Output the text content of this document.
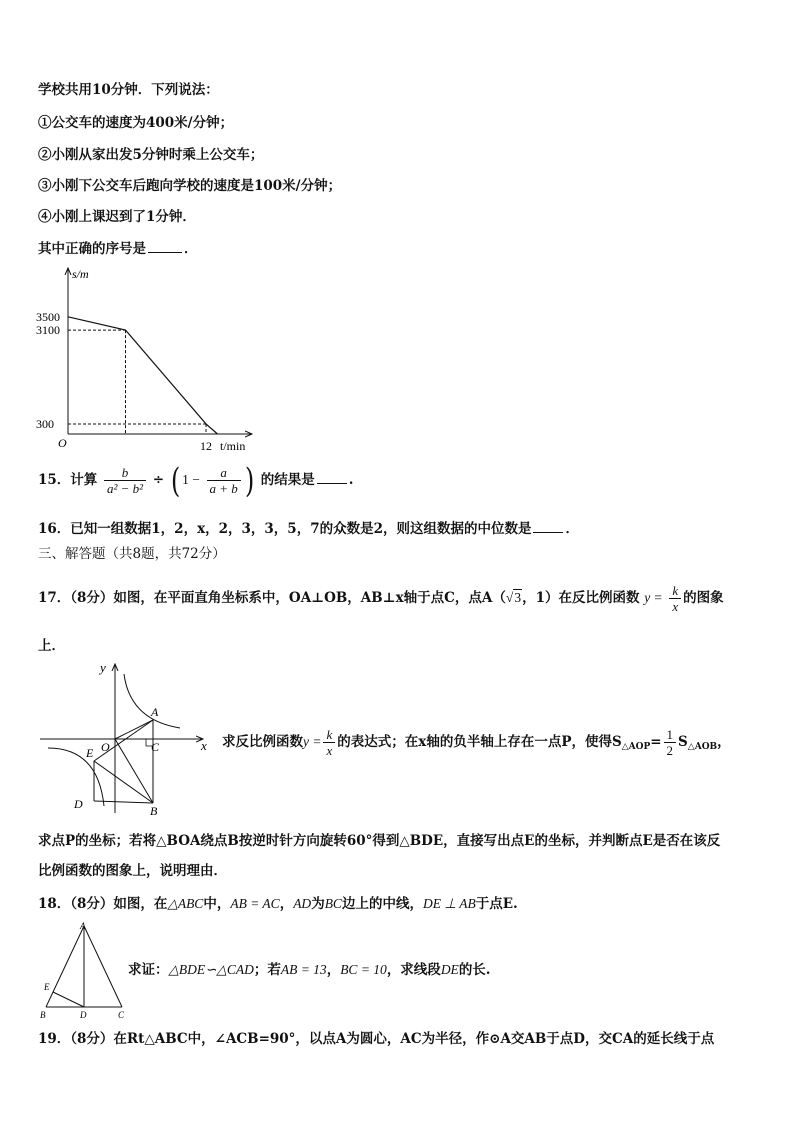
学校共用10分钟．下列说法：
①公交车的速度为400米/分钟；
②小刚从家出发5分钟时乘上公交车；
③小刚下公交车后跑向学校的速度是100米/分钟；
④小刚上课迟到了1分钟．
其中正确的序号是	．
3500
3100
300
12
s/m
t/min
O
15．计算 $\frac{b}{\text{a² − b²}}$ ÷ ( $1 - \frac{a}{a + b}$ ) 的结果是	.
16．已知一组数据1，2，x，2，3，3，5，7的众数是2，则这组数据的中位数是	．
三、解答题（共8题，共72分）
17．（8分）如图，在平面直角坐标系中，OA⊥OB，AB⊥x轴于点C，点A（√3，1）在反比例函数 $y = \frac{k}{x}$ 的图象
上．
y
x
A
O	C
E
D	B
求反比例函数$y = \frac{k}{x}$ 的表达式；在x轴的负半轴上存在一点P，使得$S_{\triangle AOP}= \frac{1}{2} S_{\triangle AOB}$，
求点P的坐标；若将△BOA绕点B按逆时针方向旋转60°得到△BDE，直接写出点E的坐标，并判断点E是否在该反
比例函数的图象上，说明理由．
18．（8分）如图，在△ABC中，AB = AC，AD为BC边上的中线，DE ⊥ AB于点E.
A
E
B	D	C
求证：△BDE∽△CAD；若AB = 13，BC = 10，求线段DE的长.
19．（8分）在Rt△ABC中，∠ACB=90°，以点A为圆心，AC为半径，作⊙A交AB于点D，交CA的延长线于点
